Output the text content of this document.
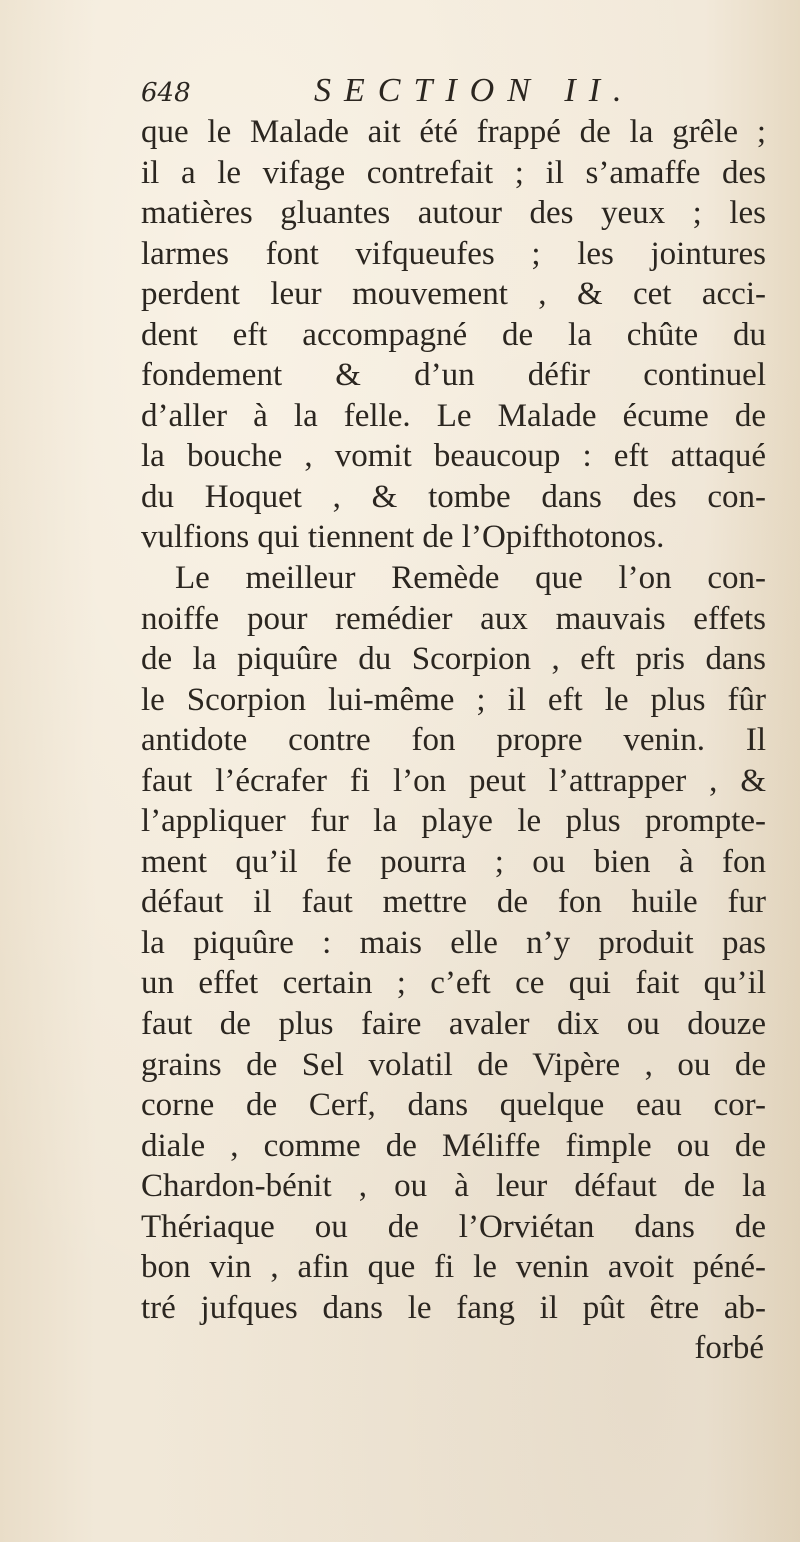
648	SECTION II.
que le Malade ait été frappé de la grêle ;
il a le vifage contrefait ; il s’amaffe des
matières gluantes autour des yeux ; les
larmes font vifqueufes ; les jointures
perdent leur mouvement , & cet acci-
dent eft accompagné de la chûte du
fondement & d’un défir continuel
d’aller à la felle. Le Malade écume de
la bouche , vomit beaucoup : eft attaqué
du Hoquet , & tombe dans des con-
vulfions qui tiennent de l’Opifthotonos.
Le meilleur Remède que l’on con-
noiffe pour remédier aux mauvais effets
de la piquûre du Scorpion , eft pris dans
le Scorpion lui-même ; il eft le plus fûr
antidote contre fon propre venin. Il
faut l’écrafer fi l’on peut l’attrapper , &
l’appliquer fur la playe le plus prompte-
ment qu’il fe pourra ; ou bien à fon
défaut il faut mettre de fon huile fur
la piquûre : mais elle n’y produit pas
un effet certain ; c’eft ce qui fait qu’il
faut de plus faire avaler dix ou douze
grains de Sel volatil de Vipère , ou de
corne de Cerf, dans quelque eau cor-
diale , comme de Méliffe fimple ou de
Chardon-bénit , ou à leur défaut de la
Thériaque ou de l’Orviétan dans de
bon vin , afin que fi le venin avoit péné-
tré jufques dans le fang il pût être ab-
forbé
